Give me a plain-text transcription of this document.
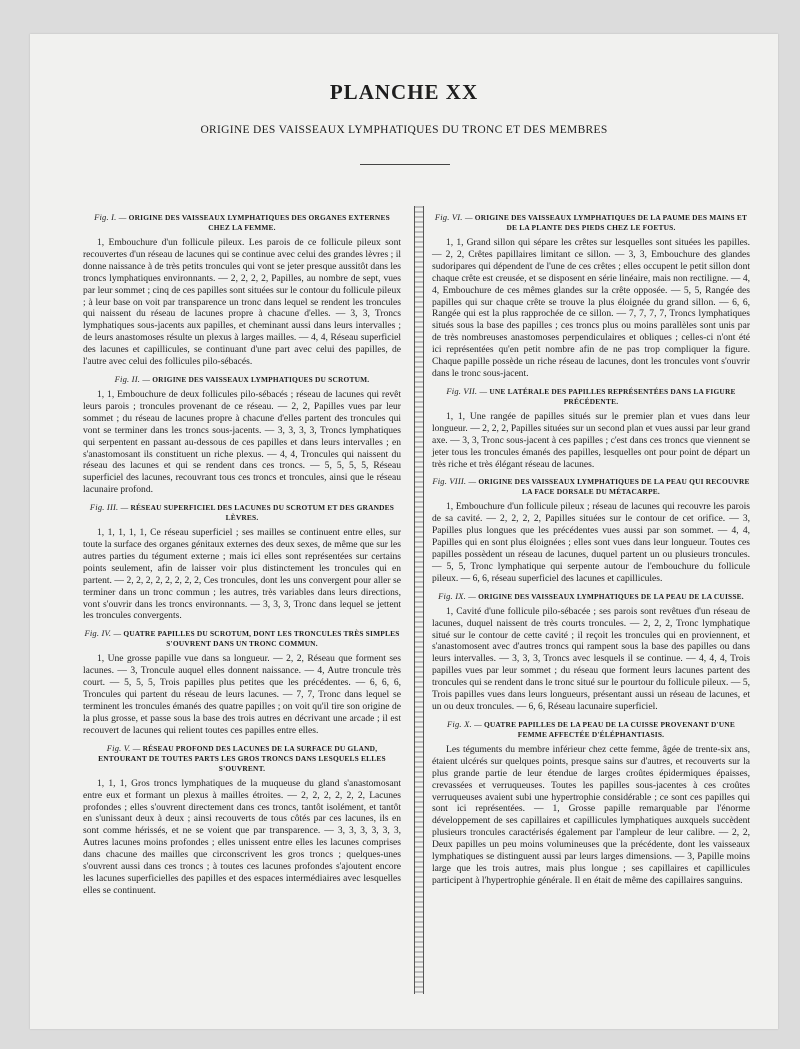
PLANCHE XX
ORIGINE DES VAISSEAUX LYMPHATIQUES DU TRONC ET DES MEMBRES
Fig. I. — ORIGINE DES VAISSEAUX LYMPHATIQUES DES ORGANES EXTERNES CHEZ LA FEMME.

1, Embouchure d'un follicule pileux. Les parois de ce follicule pileux sont recouvertes d'un réseau de lacunes qui se continue avec celui des grandes lèvres ; il donne naissance à de très petits troncules qui vont se jeter presque aussitôt dans les troncs lymphatiques environnants. — 2, 2, 2, 2, Papilles, au nombre de sept, vues par leur sommet ; cinq de ces papilles sont situées sur le contour du follicule pileux ; à leur base on voit par transparence un tronc dans lequel se rendent les troncules qui naissent du réseau de lacunes propre à chacune d'elles. — 3, 3, Troncs lymphatiques sous-jacents aux papilles, et cheminant aussi dans leurs intervalles ; de leurs anastomoses résulte un plexus à larges mailles. — 4, 4, Réseau superficiel des lacunes et capillicules, se continuant d'une part avec celui des papilles, de l'autre avec celui des follicules pilo-sébacés.

Fig. II. — ORIGINE DES VAISSEAUX LYMPHATIQUES DU SCROTUM.

1, 1, Embouchure de deux follicules pilo-sébacés ; réseau de lacunes qui revêt leurs parois ; troncules provenant de ce réseau. — 2, 2, Papilles vues par leur sommet ; du réseau de lacunes propre à chacune d'elles partent des troncules qui vont se terminer dans les troncs sous-jacents. — 3, 3, 3, 3, Troncs lymphatiques qui serpentent en passant au-dessous de ces papilles et dans leurs intervalles ; en s'anastomosant ils constituent un riche plexus. — 4, 4, Troncules qui naissent du réseau des lacunes et qui se rendent dans ces troncs. — 5, 5, 5, 5, Réseau superficiel des lacunes, recouvrant tous ces troncs et troncules, ainsi que le réseau lacunaire profond.

Fig. III. — RÉSEAU SUPERFICIEL DES LACUNES DU SCROTUM ET DES GRANDES LÈVRES.

1, 1, 1, 1, 1, Ce réseau superficiel ; ses mailles se continuent entre elles, sur toute la surface des organes génitaux externes des deux sexes, de même que sur les autres parties du tégument externe ; mais ici elles sont représentées sur certains points seulement, afin de laisser voir plus distinctement les troncules qui en partent. — 2, 2, 2, 2, 2, 2, 2, 2, Ces troncules, dont les uns convergent pour aller se terminer dans un tronc commun ; les autres, très variables dans leurs directions, vont s'ouvrir dans les troncs environnants. — 3, 3, 3, Tronc dans lequel se jettent les troncules convergents.

Fig. IV. — QUATRE PAPILLES DU SCROTUM, DONT LES TRONCULES TRÈS SIMPLES S'OUVRENT DANS UN TRONC COMMUN.

1, Une grosse papille vue dans sa longueur. — 2, 2, Réseau que forment ses lacunes. — 3, Troncule auquel elles donnent naissance. — 4, Autre troncule très court. — 5, 5, 5, Trois papilles plus petites que les précédentes. — 6, 6, 6, Troncules qui partent du réseau de leurs lacunes. — 7, 7, Tronc dans lequel se terminent les troncules émanés des quatre papilles ; on voit qu'il tire son origine de la plus grosse, et passe sous la base des trois autres en décrivant une arcade ; il est recouvert de lacunes qui relient toutes ces papilles entre elles.

Fig. V. — RÉSEAU PROFOND DES LACUNES DE LA SURFACE DU GLAND, ENTOURANT DE TOUTES PARTS LES GROS TRONCS DANS LESQUELS ELLES S'OUVRENT.

1, 1, 1, Gros troncs lymphatiques de la muqueuse du gland s'anastomosant entre eux et formant un plexus à mailles étroites. — 2, 2, 2, 2, 2, 2, Lacunes profondes ; elles s'ouvrent directement dans ces troncs, tantôt isolément, et tantôt en s'unissant deux à deux ; ainsi recouverts de tous côtés par ces lacunes, ils en sont comme hérissés, et ne se voient que par transparence. — 3, 3, 3, 3, 3, 3, Autres lacunes moins profondes ; elles unissent entre elles les lacunes comprises dans chacune des mailles que circonscrivent les gros troncs ; quelques-unes s'ouvrent aussi dans ces troncs ; à toutes ces lacunes profondes s'ajoutent encore les lacunes superficielles des papilles et des espaces intermédiaires avec lesquelles elles se continuent.

Fig. VI. — ORIGINE DES VAISSEAUX LYMPHATIQUES DE LA PAUME DES MAINS ET DE LA PLANTE DES PIEDS CHEZ LE FOETUS.

1, 1, Grand sillon qui sépare les crêtes sur lesquelles sont situées les papilles. — 2, 2, Crêtes papillaires limitant ce sillon. — 3, 3, Embouchure des glandes sudoripares qui dépendent de l'une de ces crêtes ; elles occupent le petit sillon dont chaque crête est creusée, et se disposent en série linéaire, mais non rectiligne. — 4, 4, Embouchure de ces mêmes glandes sur la crête opposée. — 5, 5, Rangée des papilles qui sur chaque crête se trouve la plus éloignée du grand sillon. — 6, 6, Rangée qui est la plus rapprochée de ce sillon. — 7, 7, 7, 7, Troncs lymphatiques situés sous la base des papilles ; ces troncs plus ou moins parallèles sont unis par de très nombreuses anastomoses perpendiculaires et obliques ; celles-ci n'ont été ici représentées qu'en petit nombre afin de ne pas trop compliquer la figure. Chaque papille possède un riche réseau de lacunes, dont les troncules vont s'ouvrir dans le tronc sous-jacent.

Fig. VII. — UNE LATÉRALE DES PAPILLES REPRÉSENTÉES DANS LA FIGURE PRÉCÉDENTE.

1, 1, Une rangée de papilles situés sur le premier plan et vues dans leur longueur. — 2, 2, 2, Papilles situées sur un second plan et vues aussi par leur grand axe. — 3, 3, Tronc sous-jacent à ces papilles ; c'est dans ces troncs que viennent se jeter tous les troncules émanés des papilles, lesquelles ont pour point de départ un très riche et très élégant réseau de lacunes.

Fig. VIII. — ORIGINE DES VAISSEAUX LYMPHATIQUES DE LA PEAU QUI RECOUVRE LA FACE DORSALE DU MÉTACARPE.

1, Embouchure d'un follicule pileux ; réseau de lacunes qui recouvre les parois de sa cavité. — 2, 2, 2, 2, Papilles situées sur le contour de cet orifice. — 3, Papilles plus longues que les précédentes vues aussi par son sommet. — 4, 4, Papilles qui en sont plus éloignées ; elles sont vues dans leur longueur. Toutes ces papilles possèdent un réseau de lacunes, duquel partent un ou plusieurs troncules. — 5, 5, Tronc lymphatique qui serpente autour de l'embouchure du follicule pileux. — 6, 6, réseau superficiel des lacunes et capillicules.

Fig. IX. — ORIGINE DES VAISSEAUX LYMPHATIQUES DE LA PEAU DE LA CUISSE.

1, Cavité d'une follicule pilo-sébacée ; ses parois sont revêtues d'un réseau de lacunes, duquel naissent de très courts troncules. — 2, 2, 2, Tronc lymphatique situé sur le contour de cette cavité ; il reçoit les troncules qui en proviennent, et s'anastomosent avec d'autres troncs qui rampent sous la base des papilles ou dans leurs intervalles. — 3, 3, 3, Troncs avec lesquels il se continue. — 4, 4, 4, Trois papilles vues par leur sommet ; du réseau que forment leurs lacunes partent des troncules qui se rendent dans le tronc situé sur le pourtour du follicule pileux. — 5, Trois papilles vues dans leurs longueurs, présentant aussi un réseau de lacunes, et un ou deux troncules. — 6, 6, Réseau lacunaire superficiel.

Fig. X. — QUATRE PAPILLES DE LA PEAU DE LA CUISSE PROVENANT D'UNE FEMME AFFECTÉE D'ÉLÉPHANTIASIS.

Les téguments du membre inférieur chez cette femme, âgée de trente-six ans, étaient ulcérés sur quelques points, presque sains sur d'autres, et recouverts sur la plus grande partie de leur étendue de larges croûtes épidermiques épaisses, crevassées et verruqueuses. Toutes les papilles sous-jacentes à ces croûtes verruqueuses avaient subi une hypertrophie considérable ; ce sont ces papilles qui sont ici représentées. — 1, Grosse papille remarquable par l'énorme développement de ses capillaires et capillicules lymphatiques auxquels succèdent plusieurs troncules caractérisés également par l'ampleur de leur calibre. — 2, 2, Deux papilles un peu moins volumineuses que la précédente, dont les vaisseaux lymphatiques se distinguent aussi par leurs larges dimensions. — 3, Papille moins large que les trois autres, mais plus longue ; ses capillaires et capillicules participent à l'hypertrophie générale. Il en était de même des capillaires sanguins.
